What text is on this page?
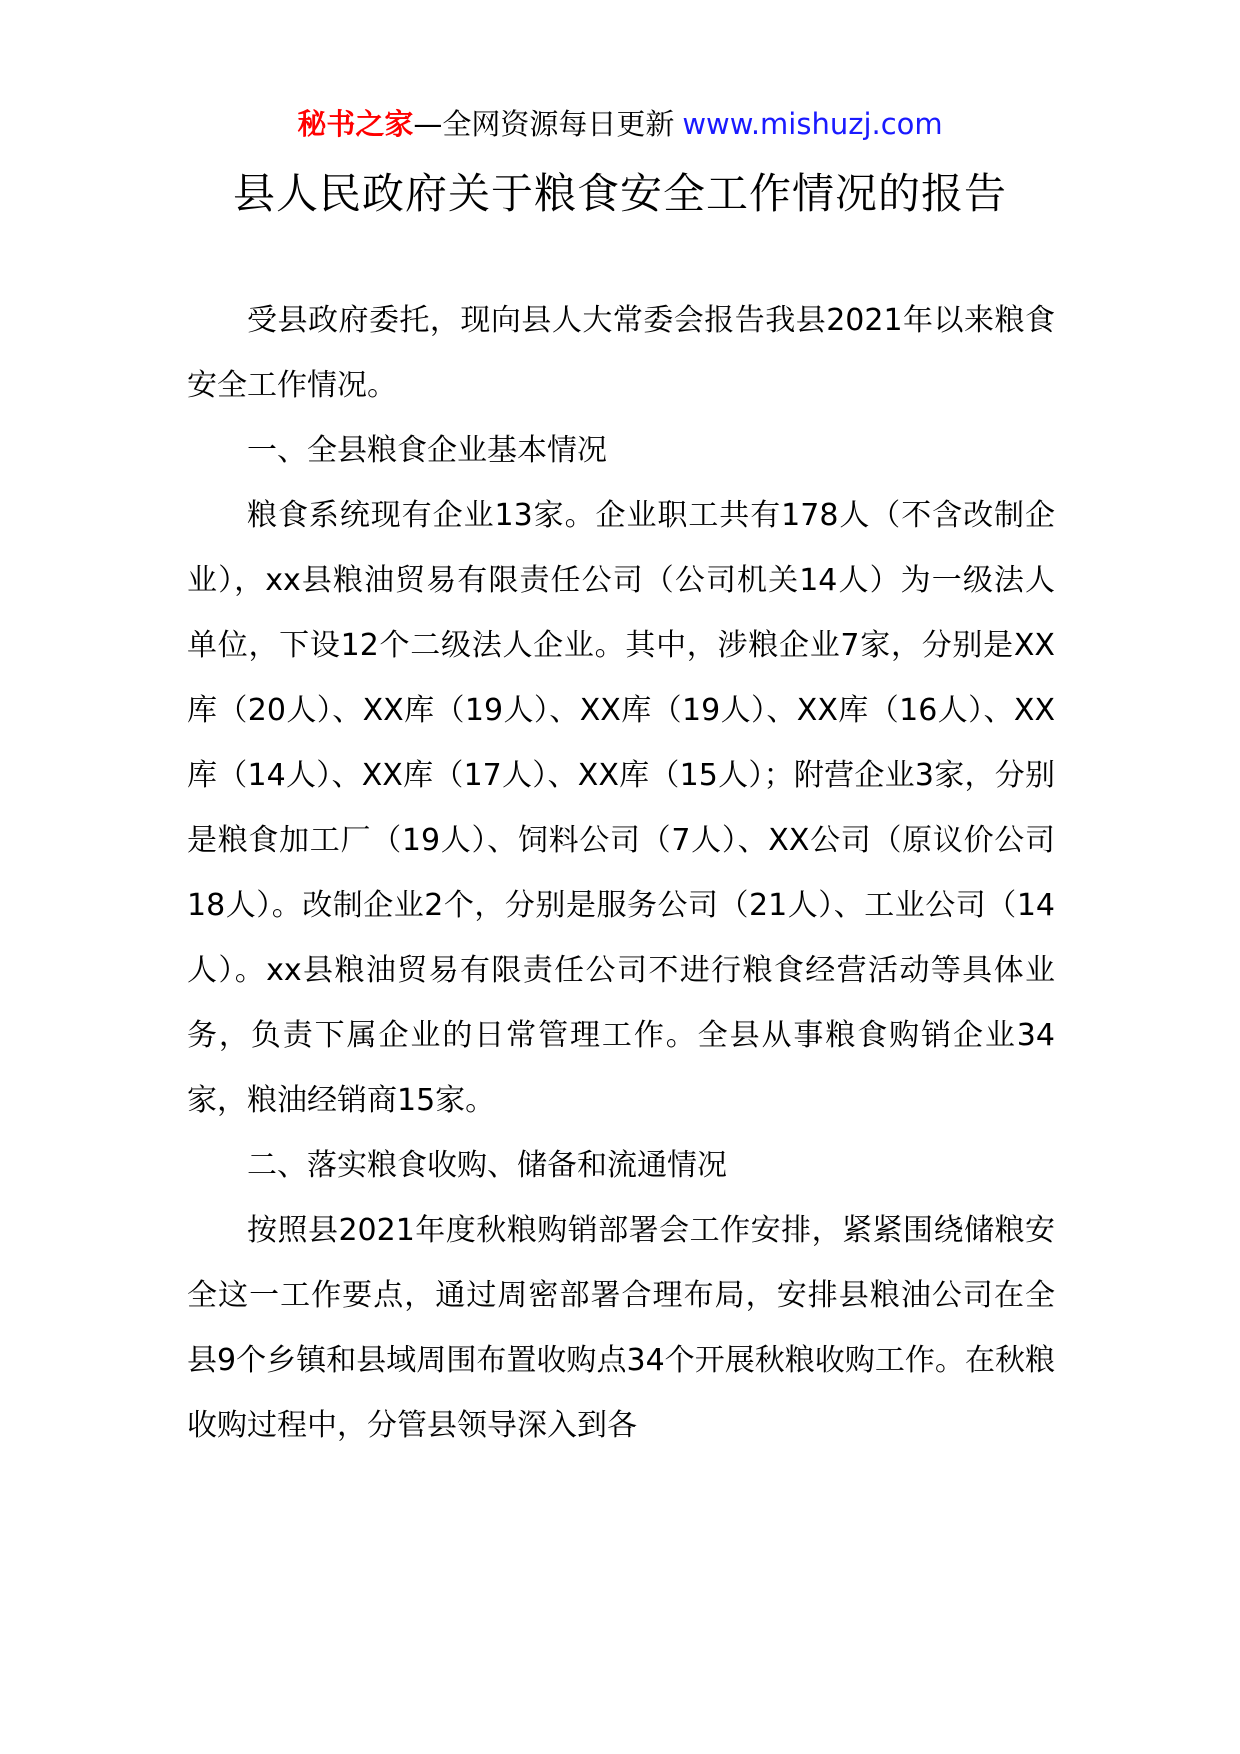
秘书之家—全网资源每日更新 www.mishuzj.com
县人民政府关于粮食安全工作情况的报告

受县政府委托，现向县人大常委会报告我县2021年以来粮食安全工作情况。

一、全县粮食企业基本情况

粮食系统现有企业13家。企业职工共有178人（不含改制企业），xx县粮油贸易有限责任公司（公司机关14人）为一级法人单位，下设12个二级法人企业。其中，涉粮企业7家，分别是XX库（20人）、XX库（19人）、XX库（19人）、XX库（16人）、XX库（14人）、XX库（17人）、XX库（15人）；附营企业3家，分别是粮食加工厂（19人）、饲料公司（7人）、XX公司（原议价公司18人）。改制企业2个，分别是服务公司（21人）、工业公司（14人）。xx县粮油贸易有限责任公司不进行粮食经营活动等具体业务，负责下属企业的日常管理工作。全县从事粮食购销企业34家，粮油经销商15家。

二、落实粮食收购、储备和流通情况

按照县2021年度秋粮购销部署会工作安排，紧紧围绕储粮安全这一工作要点，通过周密部署合理布局，安排县粮油公司在全县9个乡镇和县域周围布置收购点34个开展秋粮收购工作。在秋粮收购过程中，分管县领导深入到各
